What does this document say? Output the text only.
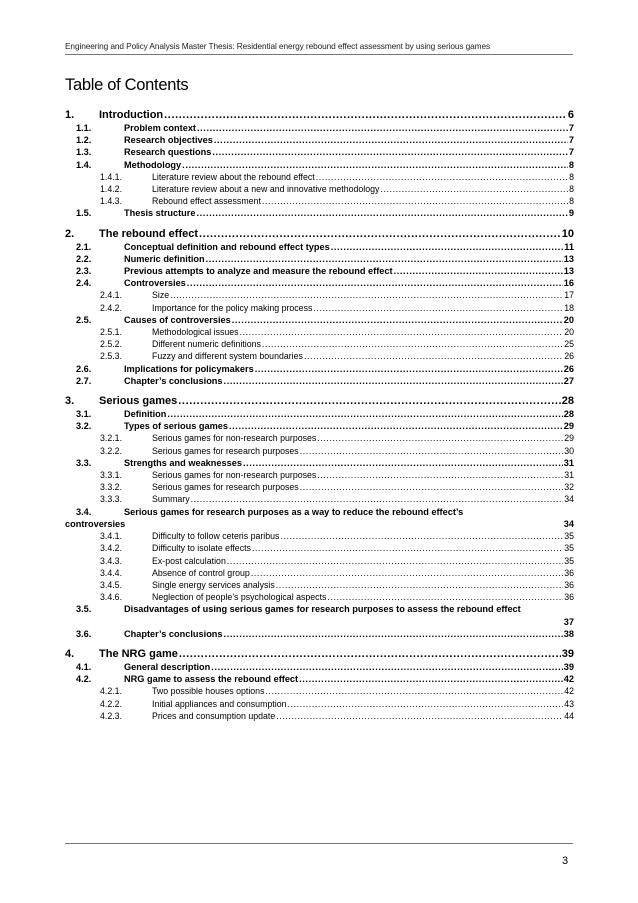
Engineering and Policy Analysis Master Thesis: Residential energy rebound effect assessment by using serious games
Table of Contents
1.	Introduction .....	6
1.1.	Problem context .....	7
1.2.	Research objectives .....	7
1.3.	Research questions .....	7
1.4.	Methodology .....	8
1.4.1.	Literature review about the rebound effect .....	8
1.4.2.	Literature review about a new and innovative methodology .....	8
1.4.3.	Rebound effect assessment .....	8
1.5.	Thesis structure .....	9
2.	The rebound effect .....	10
2.1.	Conceptual definition and rebound effect types .....	11
2.2.	Numeric definition .....	13
2.3.	Previous attempts to analyze and measure the rebound effect .....	13
2.4.	Controversies .....	16
2.4.1.	Size .....	17
2.4.2.	Importance for the policy making process .....	18
2.5.	Causes of controversies .....	20
2.5.1.	Methodological issues .....	20
2.5.2.	Different numeric definitions .....	25
2.5.3.	Fuzzy and different system boundaries .....	26
2.6.	Implications for policymakers .....	26
2.7.	Chapter’s conclusions .....	27
3.	Serious games .....	28
3.1.	Definition .....	28
3.2.	Types of serious games .....	29
3.2.1.	Serious games for non-research purposes .....	29
3.2.2.	Serious games for research purposes .....	30
3.3.	Strengths and weaknesses .....	31
3.3.1.	Serious games for non-research purposes .....	31
3.3.2.	Serious games for research purposes .....	32
3.3.3.	Summary .....	34
3.4.	Serious games for research purposes as a way to reduce the rebound effect’s
controversies	34
3.4.1.	Difficulty to follow ceteris paribus .....	35
3.4.2.	Difficulty to isolate effects .....	35
3.4.3.	Ex-post calculation .....	35
3.4.4.	Absence of control group .....	36
3.4.5.	Single energy services analysis .....	36
3.4.6.	Neglection of people’s psychological aspects .....	36
3.5.	Disadvantages of using serious games for research purposes to assess the rebound effect
37
3.6.	Chapter’s conclusions .....	38
4.	The NRG game .....	39
4.1.	General description .....	39
4.2.	NRG game to assess the rebound effect .....	42
4.2.1.	Two possible houses options .....	42
4.2.2.	Initial appliances and consumption .....	43
4.2.3.	Prices and consumption update .....	44
3
